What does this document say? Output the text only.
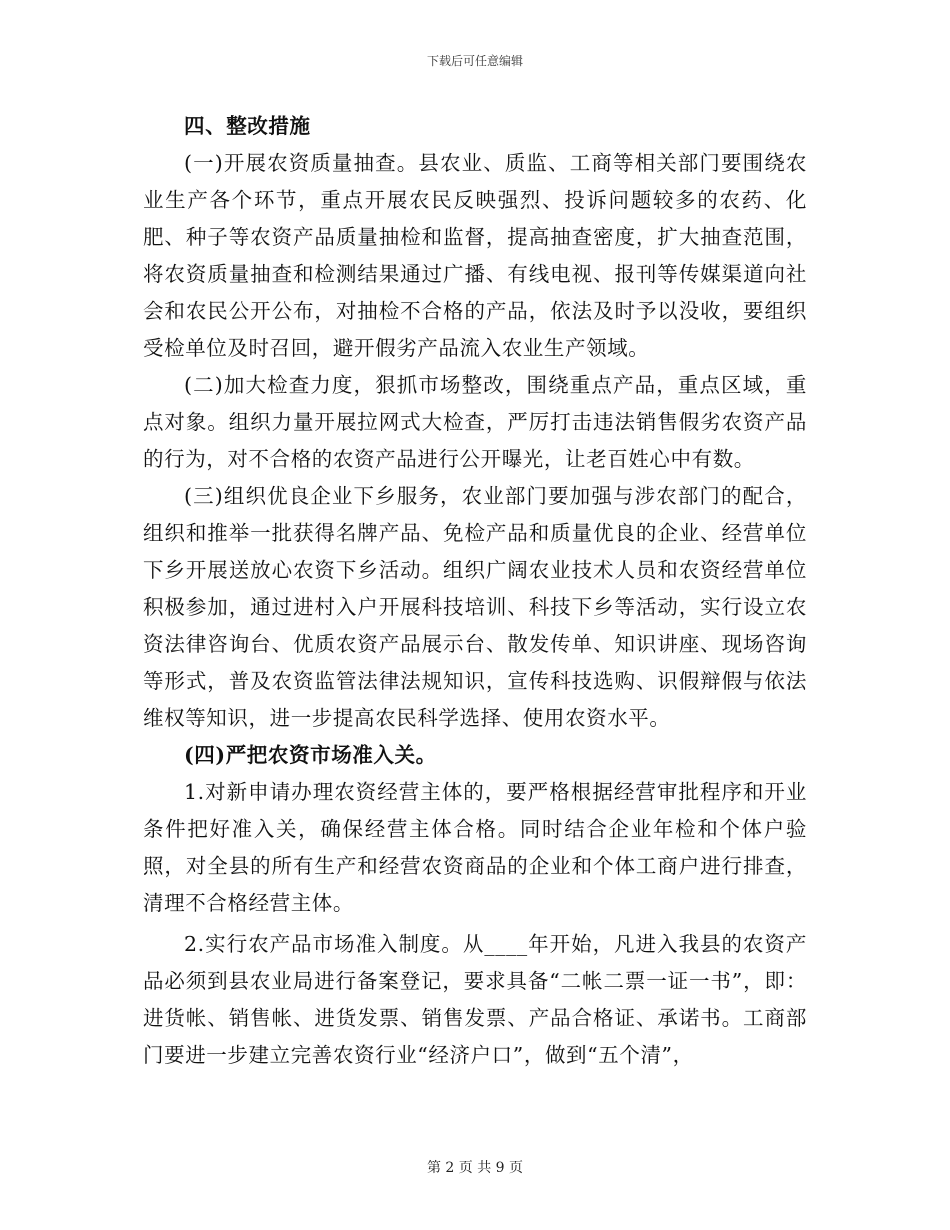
下载后可任意编辑

四、整改措施

(一)开展农资质量抽查。县农业、质监、工商等相关部门要围绕农业生产各个环节，重点开展农民反映强烈、投诉问题较多的农药、化肥、种子等农资产品质量抽检和监督，提高抽查密度，扩大抽查范围，将农资质量抽查和检测结果通过广播、有线电视、报刊等传媒渠道向社会和农民公开公布，对抽检不合格的产品，依法及时予以没收，要组织受检单位及时召回，避开假劣产品流入农业生产领域。

(二)加大检查力度，狠抓市场整改，围绕重点产品，重点区域，重点对象。组织力量开展拉网式大检查，严厉打击违法销售假劣农资产品的行为，对不合格的农资产品进行公开曝光，让老百姓心中有数。

(三)组织优良企业下乡服务，农业部门要加强与涉农部门的配合，组织和推举一批获得名牌产品、免检产品和质量优良的企业、经营单位下乡开展送放心农资下乡活动。组织广阔农业技术人员和农资经营单位积极参加，通过进村入户开展科技培训、科技下乡等活动，实行设立农资法律咨询台、优质农资产品展示台、散发传单、知识讲座、现场咨询等形式，普及农资监管法律法规知识，宣传科技选购、识假辩假与依法维权等知识，进一步提高农民科学选择、使用农资水平。

(四)严把农资市场准入关。

1.对新申请办理农资经营主体的，要严格根据经营审批程序和开业条件把好准入关，确保经营主体合格。同时结合企业年检和个体户验照，对全县的所有生产和经营农资商品的企业和个体工商户进行排查，清理不合格经营主体。

2.实行农产品市场准入制度。从____年开始，凡进入我县的农资产品必须到县农业局进行备案登记，要求具备“二帐二票一证一书”，即：进货帐、销售帐、进货发票、销售发票、产品合格证、承诺书。工商部门要进一步建立完善农资行业“经济户口”，做到“五个清”，

第 2 页 共 9 页
